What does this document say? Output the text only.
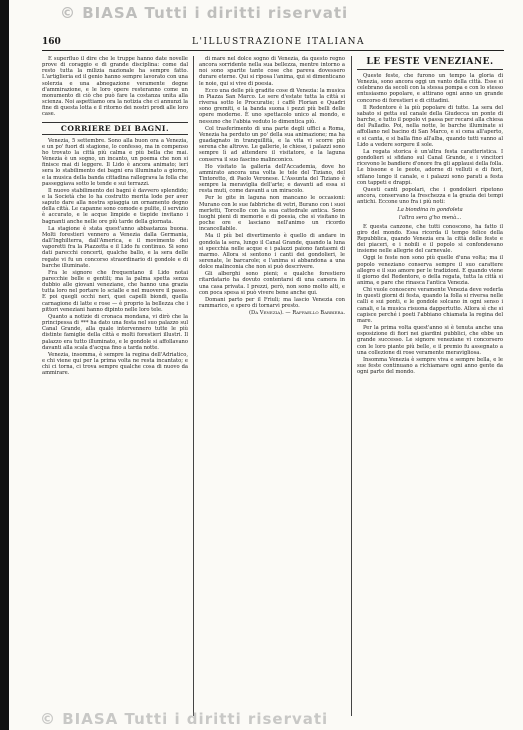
© BIASA Tutti i diritti riservati
160	L'ILLUSTRAZIONE ITALIANA

E superfluo il dire che le truppe hanno date novelle prove di coraggio e di grande disciplina: come dal resto tutta la milizia nazionale ha sempre fatto. L'artiglieria ed il genio hanno sempre lavorato con una solerzia e una abnegazione veramente degne d'ammirazione, e le loro opere resteranno come un monumento di ciò che può fare la costanza unita alla scienza. Noi aspettiamo ora la notizia che ci annunzi la fine di questa lotta e il ritorno dei nostri prodi alle loro case.

CORRIERE DEI BAGNI.

Venezia, 5 settembre. Sono alla buon ora a Venezia, e un po' fuori di stagione, lo confesso, ma in compenso ho trovato la città più calma e più bella che mai. Venezia è un sogno, un incanto, un poema che non si finisce mai di leggere. Il Lido è ancora animato; ieri sera lo stabilimento dei bagni era illuminato a giorno, e la musica della banda cittadina rallegrava la folla che passeggiava sotto le tende e sui terrazzi.

Il nuovo stabilimento dei bagni è davvero splendido; e la Società che lo ha costrutto merita lode per aver saputo dare alla nostra spiaggia un ornamento degno della città. Le capanne sono comode e pulite, il servizio è accurato, e le acque limpide e tiepide invitano i bagnanti anche nelle ore più tarde della giornata.

La stagione è stata quest'anno abbastanza buona. Molti forestieri vennero a Venezia dalla Germania, dall'Inghilterra, dall'America, e il movimento dei vaporetti fra la Piazzetta e il Lido fu continuo. Si sono dati parecchi concerti, qualche ballo, e la sera delle regate vi fu un concorso straordinario di gondole e di barche illuminate.

Fra le signore che frequentano il Lido notai parecchie belle e gentili; ma la palma spetta senza dubbio alle giovani veneziane, che hanno una grazia tutta loro nel portare lo scialle e nel muovere il passo. E poi quegli occhi neri, quei capelli biondi, quella carnagione di latte e rose — è proprio la bellezza che i pittori veneziani hanno dipinto nelle loro tele.

Quanto a notizie di cronaca mondana, vi dirò che la principessa di *** ha dato una festa nel suo palazzo sul Canal Grande, alla quale intervennero tutte le più distinte famiglie della città e molti forestieri illustri. Il palazzo era tutto illuminato, e le gondole si affollavano davanti alla scala d'acqua fino a tarda notte.

Venezia, insomma, è sempre la regina dell'Adriatico, e chi viene qui per la prima volta ne resta incantato; e chi ci torna, ci trova sempre qualche cosa di nuovo da ammirare.

di mare nel dolce sogno di Venezia, da questo regno ancora sorridente nella sua bellezza, mentre intorno a noi sono sparite tante cose che pareva dovessero durare eterne. Qui si riposa l'anima, qui si dimenticano le noie, qui si vive di poesia.

Ecco una delle più gradite cose di Venezia: la musica in Piazza San Marco. Le sere d'estate tutta la città si riversa sotto le Procuratie; i caffè Florian e Quadri sono gremiti, e la banda suona i pezzi più belli delle opere moderne. È uno spettacolo unico al mondo, e nessuno che l'abbia veduto lo dimentica più.

Col trasferimento di una parte degli uffici a Roma, Venezia ha perduto un po' della sua animazione; ma ha guadagnato in tranquillità, e la vita vi scorre più serena che altrove. Le gallerie, le chiese, i palazzi sono sempre lì ad attendere il visitatore, e la laguna conserva il suo fascino malinconico.

Ho visitato la galleria dell'Accademia, dove ho ammirato ancora una volta le tele del Tiziano, del Tintoretto, di Paolo Veronese. L'Assunta del Tiziano è sempre la meraviglia dell'arte; e davanti ad essa si resta muti, come davanti a un miracolo.

Per le gite in laguna non mancano le occasioni: Murano con le sue fabbriche di vetri, Burano con i suoi merletti, Torcello con la sua cattedrale antica. Sono luoghi pieni di memorie e di poesia, che si visitano in poche ore e lasciano nell'animo un ricordo incancellabile.

Ma il più bel divertimento è quello di andare in gondola la sera, lungo il Canal Grande, quando la luna si specchia nelle acque e i palazzi paiono fantasmi di marmo. Allora si sentono i canti dei gondolieri, le serenate, le barcarole; e l'anima si abbandona a una dolce malinconia che non si può descrivere.

Gli alberghi sono pieni; e qualche forestiero ritardatario ha dovuto contentarsi di una camera in una casa privata. I prezzi, però, non sono molto alti, e con poca spesa si può vivere bene anche qui.

Domani parto per il Friuli; ma lascio Venezia con rammarico, e spero di tornarvi presto.

(Da Venezia). — Raffaello Barbiera.

LE FESTE VENEZIANE.

Queste feste, che furono un tempo la gloria di Venezia, sono ancora oggi un vanto della città. Esse si celebrano da secoli con la stessa pompa e con lo stesso entusiasmo popolare, e attirano ogni anno un grande concorso di forestieri e di cittadini.

Il Redentore è la più popolare di tutte. La sera del sabato si getta sul canale della Giudecca un ponte di barche, e tutto il popolo vi passa per recarsi alla chiesa del Palladio. Poi, nella notte, le barche illuminate si affollano nel bacino di San Marco, e si cena all'aperto, e si canta, e si balla fino all'alba, quando tutti vanno al Lido a vedere sorgere il sole.

La regata storica è un'altra festa caratteristica. I gondolieri si sfidano sul Canal Grande, e i vincitori ricevono le bandiere d'onore fra gli applausi della folla. Le bissone e le peote, adorne di velluti e di fiori, sfilano lungo il canale, e i palazzi sono parati a festa con tappeti e drappi.

Questi canti popolari, che i gondolieri ripetono ancora, conservano la freschezza e la grazia dei tempi antichi. Eccone uno fra i più noti:

La biondina in gondoleta

l'altra sera g'ho menà...

E questa canzone, che tutti conoscono, ha fatto il giro del mondo. Essa ricorda il tempo felice della Repubblica, quando Venezia era la città delle feste e dei piaceri, e i nobili e il popolo si confondevano insieme nelle allegrie del carnevale.

Oggi le feste non sono più quelle d'una volta; ma il popolo veneziano conserva sempre il suo carattere allegro e il suo amore per le tradizioni. E quando viene il giorno del Redentore, o della regata, tutta la città si anima, e pare che rinasca l'antica Venezia.

Chi vuole conoscere veramente Venezia deve vederla in questi giorni di festa, quando la folla si riversa nelle calli e sui ponti, e le gondole solcano in ogni senso i canali, e la musica risuona dappertutto. Allora sì che si capisce perché i poeti l'abbiano chiamata la regina del mare.

Per la prima volta quest'anno si è tenuta anche una esposizione di fiori nei giardini pubblici, che ebbe un grande successo. Le signore veneziane vi concorsero con le loro piante più belle, e il premio fu assegnato a una collezione di rose veramente meravigliosa.

Insomma Venezia è sempre viva e sempre bella, e le sue feste continuano a richiamare ogni anno gente da ogni parte del mondo.

© BIASA Tutti i diritti riservati
